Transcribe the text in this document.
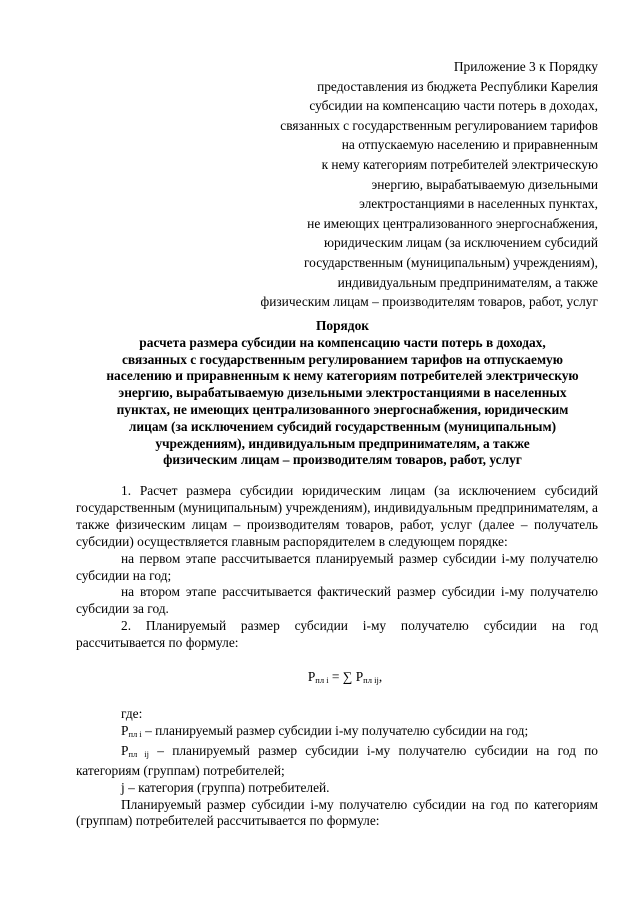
Приложение 3 к Порядку
предоставления из бюджета Республики Карелия
субсидии на компенсацию части потерь в доходах,
связанных с государственным регулированием тарифов
на отпускаемую населению и приравненным
к нему категориям потребителей электрическую
энергию, вырабатываемую дизельными
электростанциями в населенных пунктах,
не имеющих централизованного энергоснабжения,
юридическим лицам (за исключением субсидий
государственным (муниципальным) учреждениям),
индивидуальным предпринимателям, а также
физическим лицам – производителям товаров, работ, услуг
Порядок
расчета размера субсидии на компенсацию части потерь в доходах,
связанных с государственным регулированием тарифов на отпускаемую
населению и приравненным к нему категориям потребителей электрическую
энергию, вырабатываемую дизельными электростанциями в населенных
пунктах, не имеющих централизованного энергоснабжения, юридическим
лицам (за исключением субсидий государственным (муниципальным)
учреждениям), индивидуальным предпринимателям, а также
физическим лицам – производителям товаров, работ, услуг
1. Расчет размера субсидии юридическим лицам (за исключением субсидий государственным (муниципальным) учреждениям), индивидуальным предпринимателям, а также физическим лицам – производителям товаров, работ, услуг (далее – получатель субсидии) осуществляется главным распорядителем в следующем порядке:
на первом этапе рассчитывается планируемый размер субсидии i-му получателю субсидии на год;
на втором этапе рассчитывается фактический размер субсидии i-му получателю субсидии за год.
2. Планируемый размер субсидии i-му получателю субсидии на год рассчитывается по формуле:
$P_{пл i}$ = ∑ $P_{пл ij}$,
где:
$P_{пл i}$ – планируемый размер субсидии i-му получателю субсидии на год;
$P_{пл ij}$ – планируемый размер субсидии i-му получателю субсидии на год по категориям (группам) потребителей;
j – категория (группа) потребителей.
Планируемый размер субсидии i-му получателю субсидии на год по категориям (группам) потребителей рассчитывается по формуле:
